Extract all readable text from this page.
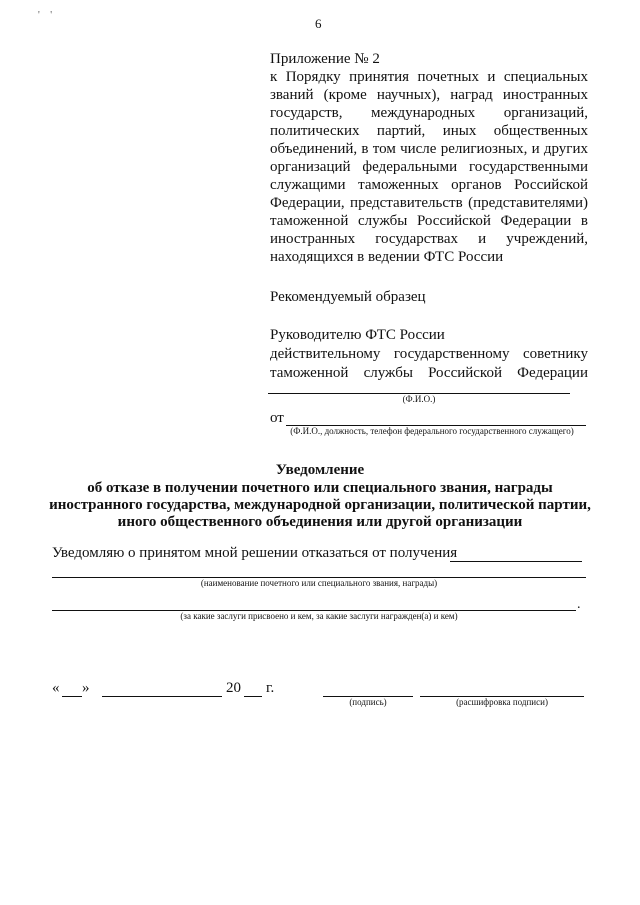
' '
6

Приложение № 2

к Порядку принятия почетных и специальных званий (кроме научных), наград иностранных государств, международных организаций, политических партий, иных общественных объединений, в том числе религиозных, и других организаций федеральными государственными служащими таможенных органов Российской Федерации, представительств (представителями) таможенной службы Российской Федерации в иностранных государствах и учреждений, находящихся в ведении ФТС России

Рекомендуемый образец
Руководителю ФТС России
действительному государственному советнику
таможенной службы Российской Федерации
(Ф.И.О.)
от
(Ф.И.О., должность, телефон федерального государственного служащего)
Уведомление
об отказе в получении почетного или специального звания, награды
иностранного государства, международной организации, политической партии,
иного общественного объединения или другой организации
Уведомляю о принятом мной решении отказаться от получения
(наименование почетного или специального звания, награды)
.
(за какие заслуги присвоено и кем, за какие заслуги награжден(а) и кем)
« »	20 г.
(подпись)	(расшифровка подписи)
